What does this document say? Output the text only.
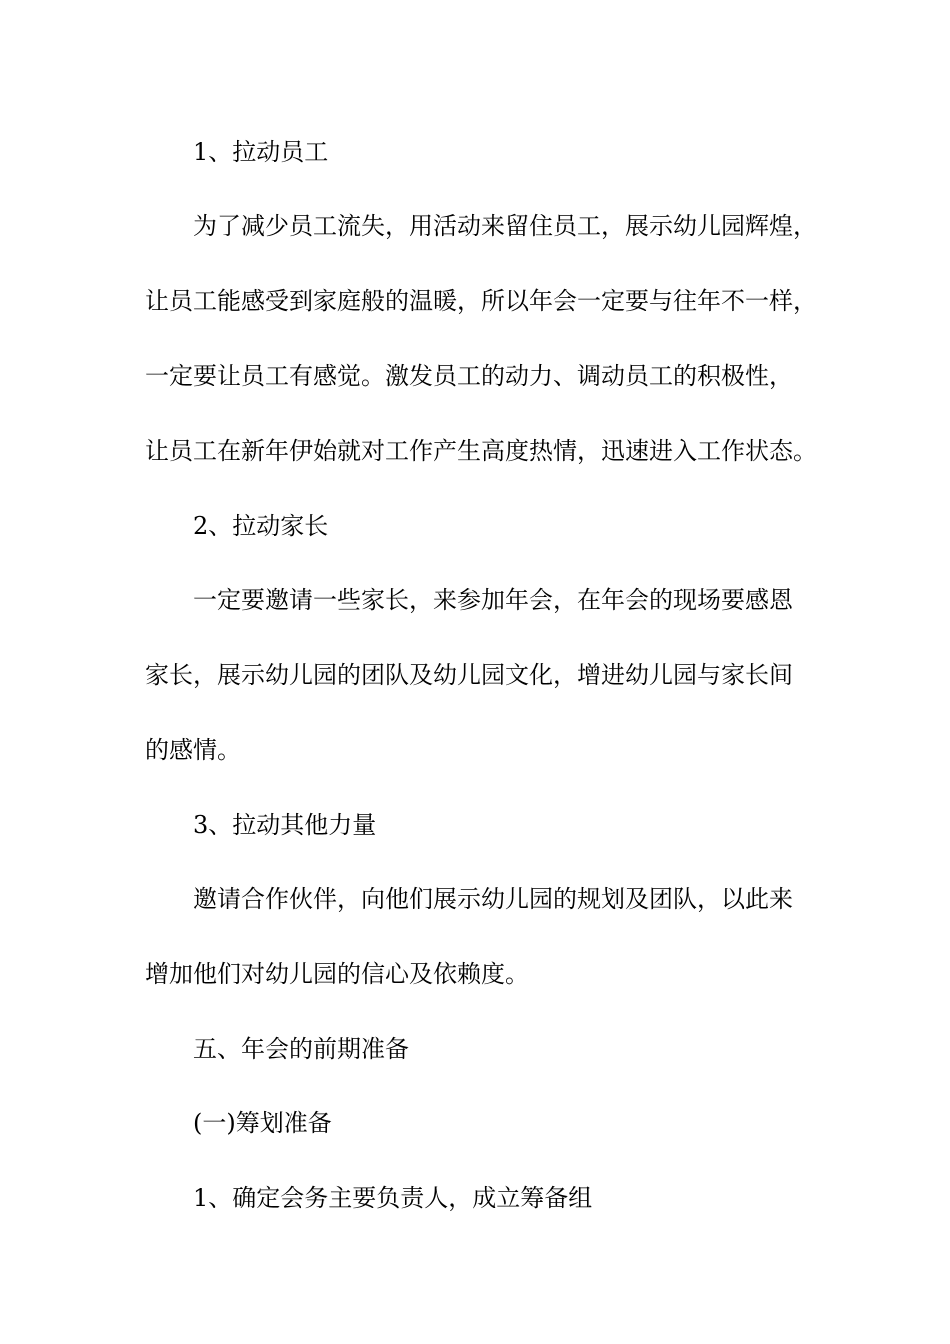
1、拉动员工

为了减少员工流失，用活动来留住员工，展示幼儿园辉煌，

让员工能感受到家庭般的温暖，所以年会一定要与往年不一样，

一定要让员工有感觉。激发员工的动力、调动员工的积极性，

让员工在新年伊始就对工作产生高度热情，迅速进入工作状态。

2、拉动家长

一定要邀请一些家长，来参加年会，在年会的现场要感恩

家长，展示幼儿园的团队及幼儿园文化，增进幼儿园与家长间

的感情。

3、拉动其他力量

邀请合作伙伴，向他们展示幼儿园的规划及团队，以此来

增加他们对幼儿园的信心及依赖度。

五、年会的前期准备

(一)筹划准备

1、确定会务主要负责人，成立筹备组
